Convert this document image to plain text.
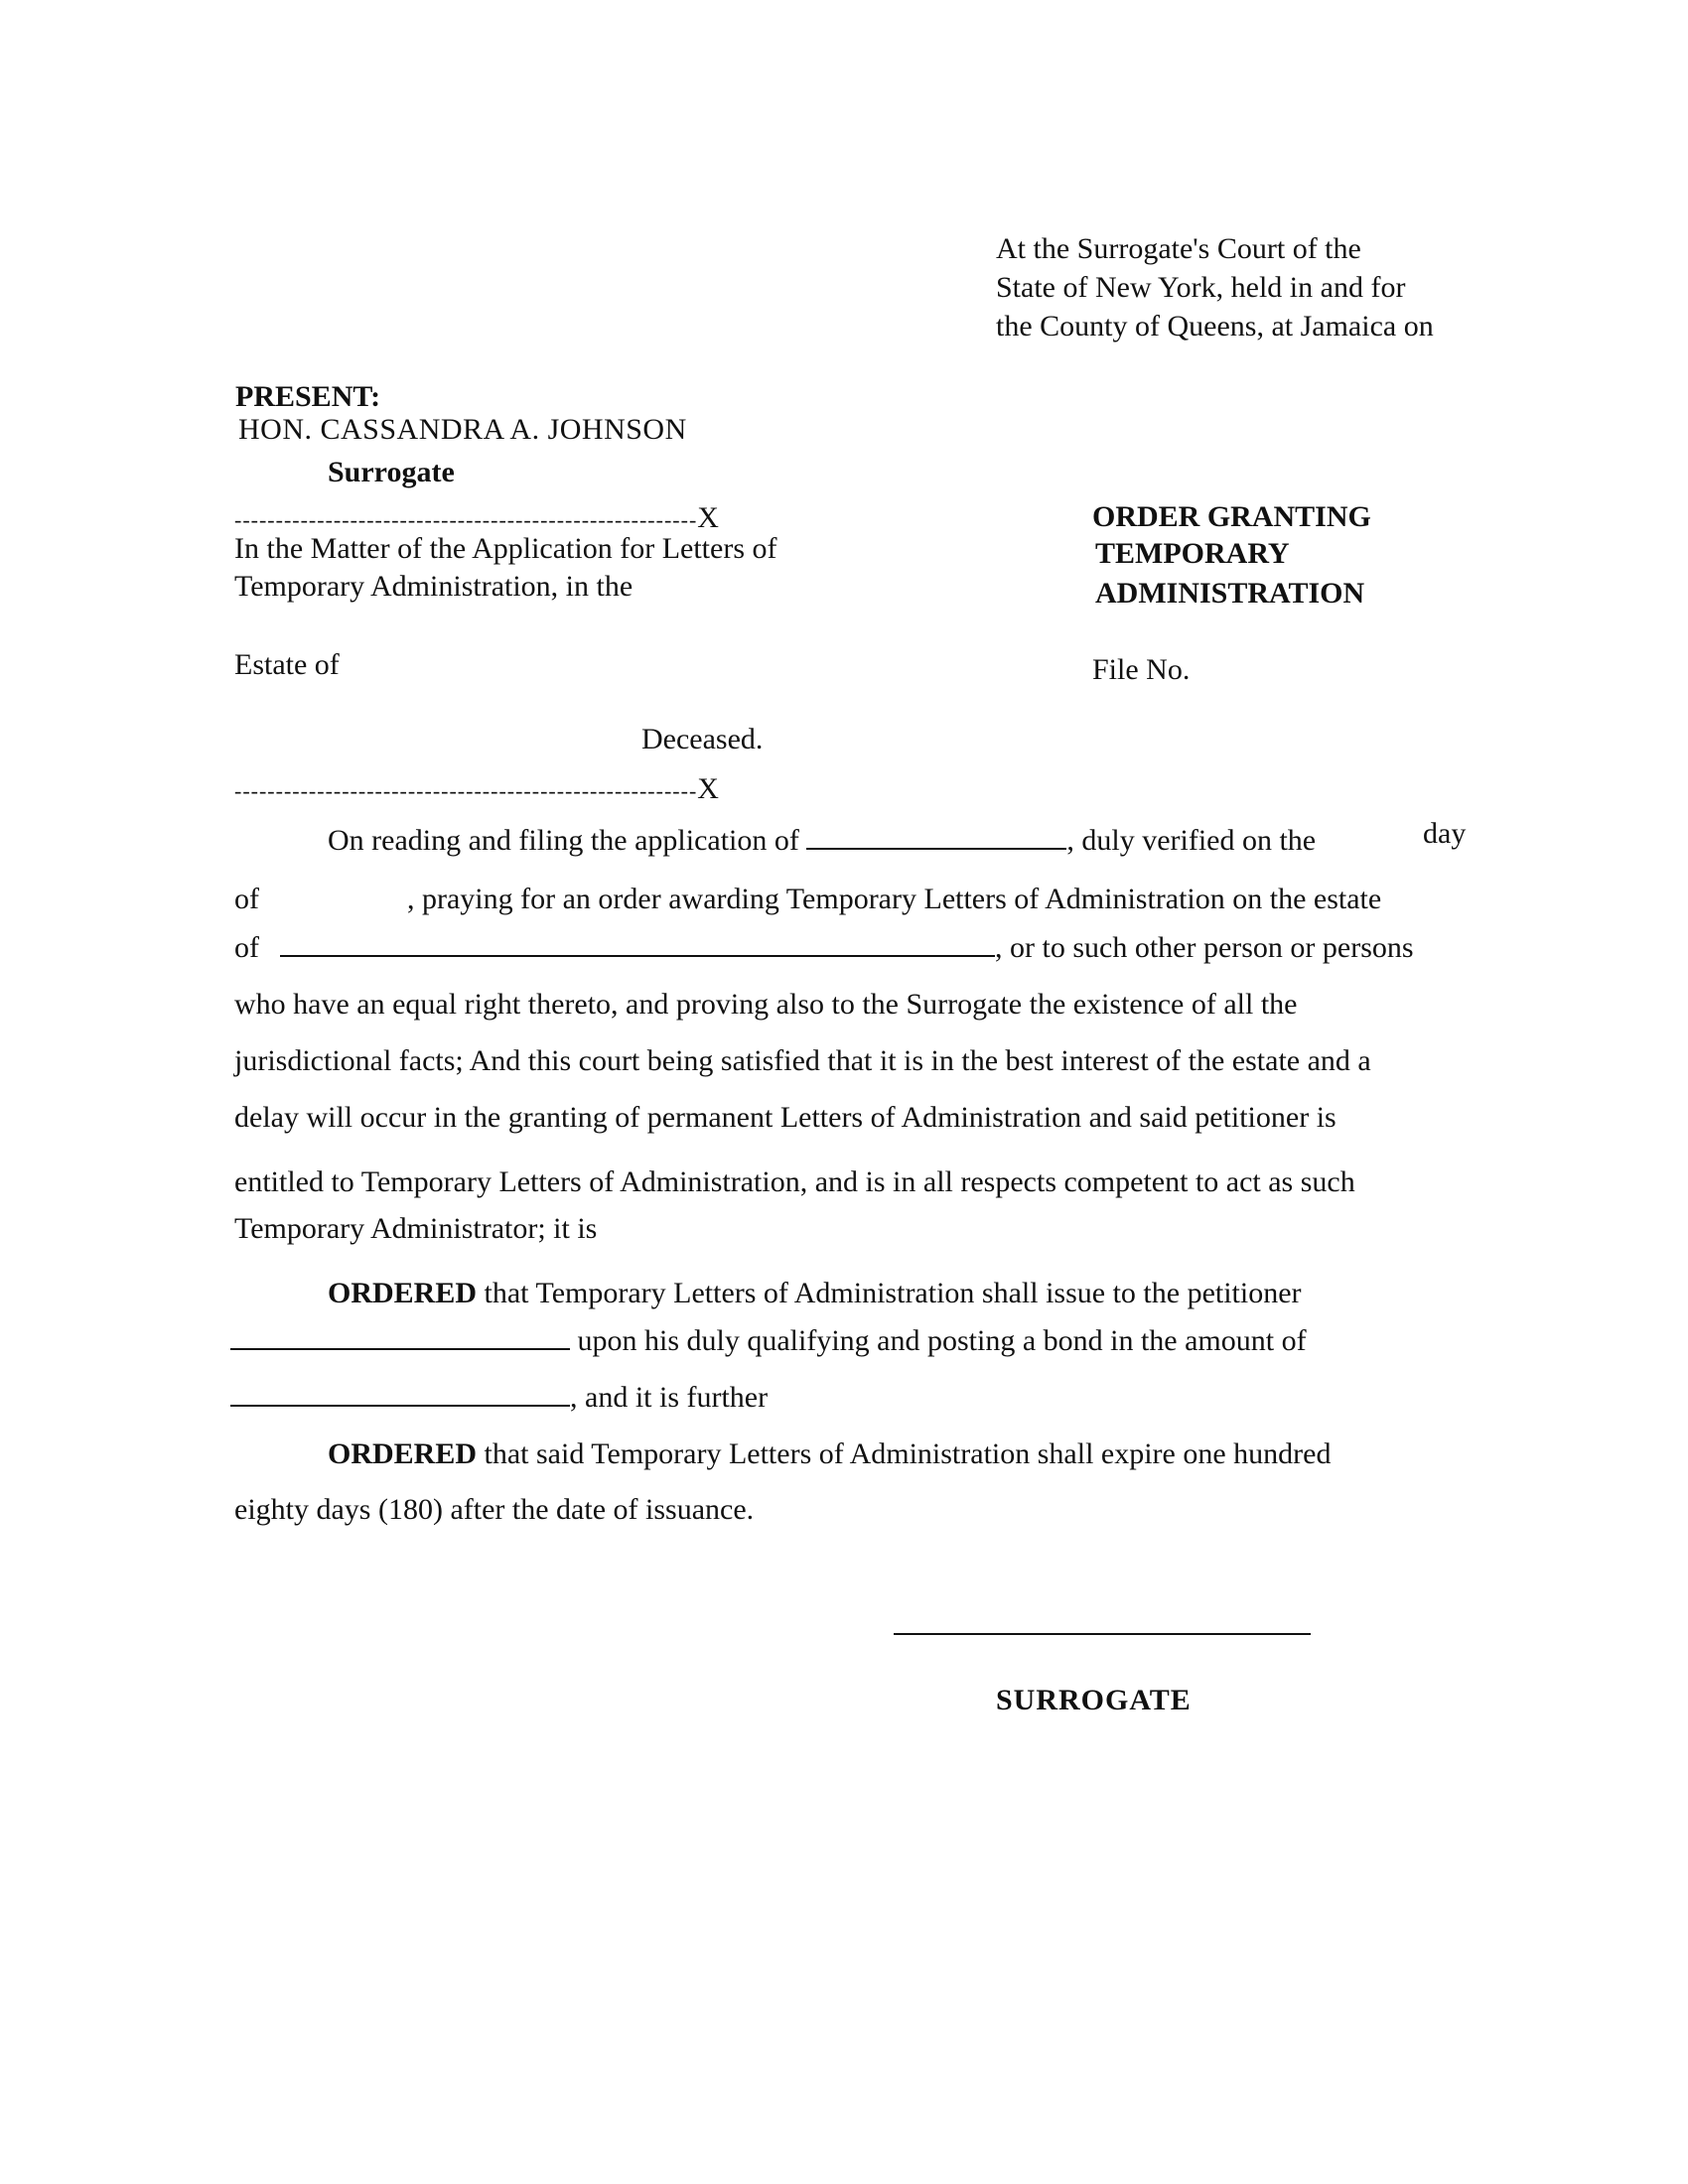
At the Surrogate's Court of the
State of New York, held in and for
the County of Queens, at Jamaica on
PRESENT:
HON. CASSANDRA A. JOHNSON
Surrogate
--------------------------------------------------------X
In the Matter of the Application for Letters of
Temporary Administration, in the
Estate of
Deceased.
--------------------------------------------------------X
ORDER GRANTING
TEMPORARY
ADMINISTRATION
File No.
On reading and filing the application of	, duly verified on the	day
of	, praying for an order awarding Temporary Letters of Administration on the estate
of	, or to such other person or persons
who have an equal right thereto, and proving also to the Surrogate the existence of all the
jurisdictional facts; And this court being satisfied that it is in the best interest of the estate and a
delay will occur in the granting of permanent Letters of Administration and said petitioner is
entitled to Temporary Letters of Administration, and is in all respects competent to act as such
Temporary Administrator; it is
ORDERED that Temporary Letters of Administration shall issue to the petitioner
upon his duly qualifying and posting a bond in the amount of
, and it is further
ORDERED that said Temporary Letters of Administration shall expire one hundred
eighty days (180) after the date of issuance.
SURROGATE
